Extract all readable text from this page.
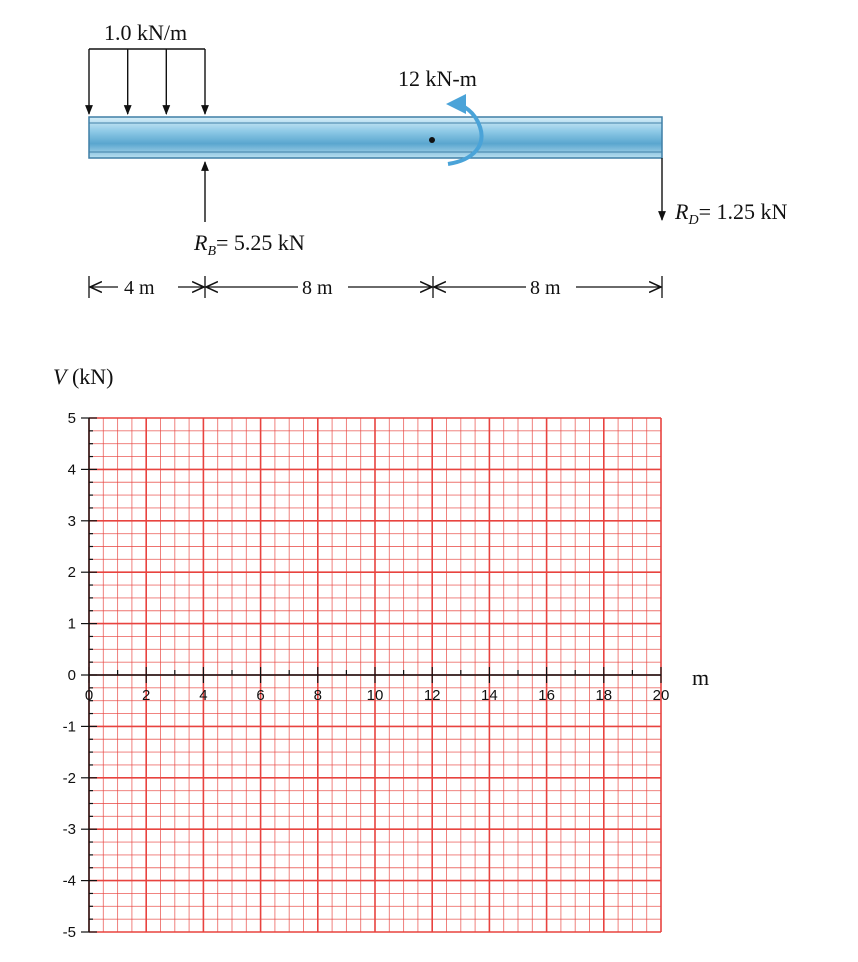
1.0 kN/m
12 kN-m
$R_B= 5.25$ kN
$R_D= 1.25$ kN
4 m	8 m	8 m
V (kN)
5
4
3
2
1
0
-1
-2
-3
-4
-5
0	2	4	6	8	10	12	14	16	18	20
m
